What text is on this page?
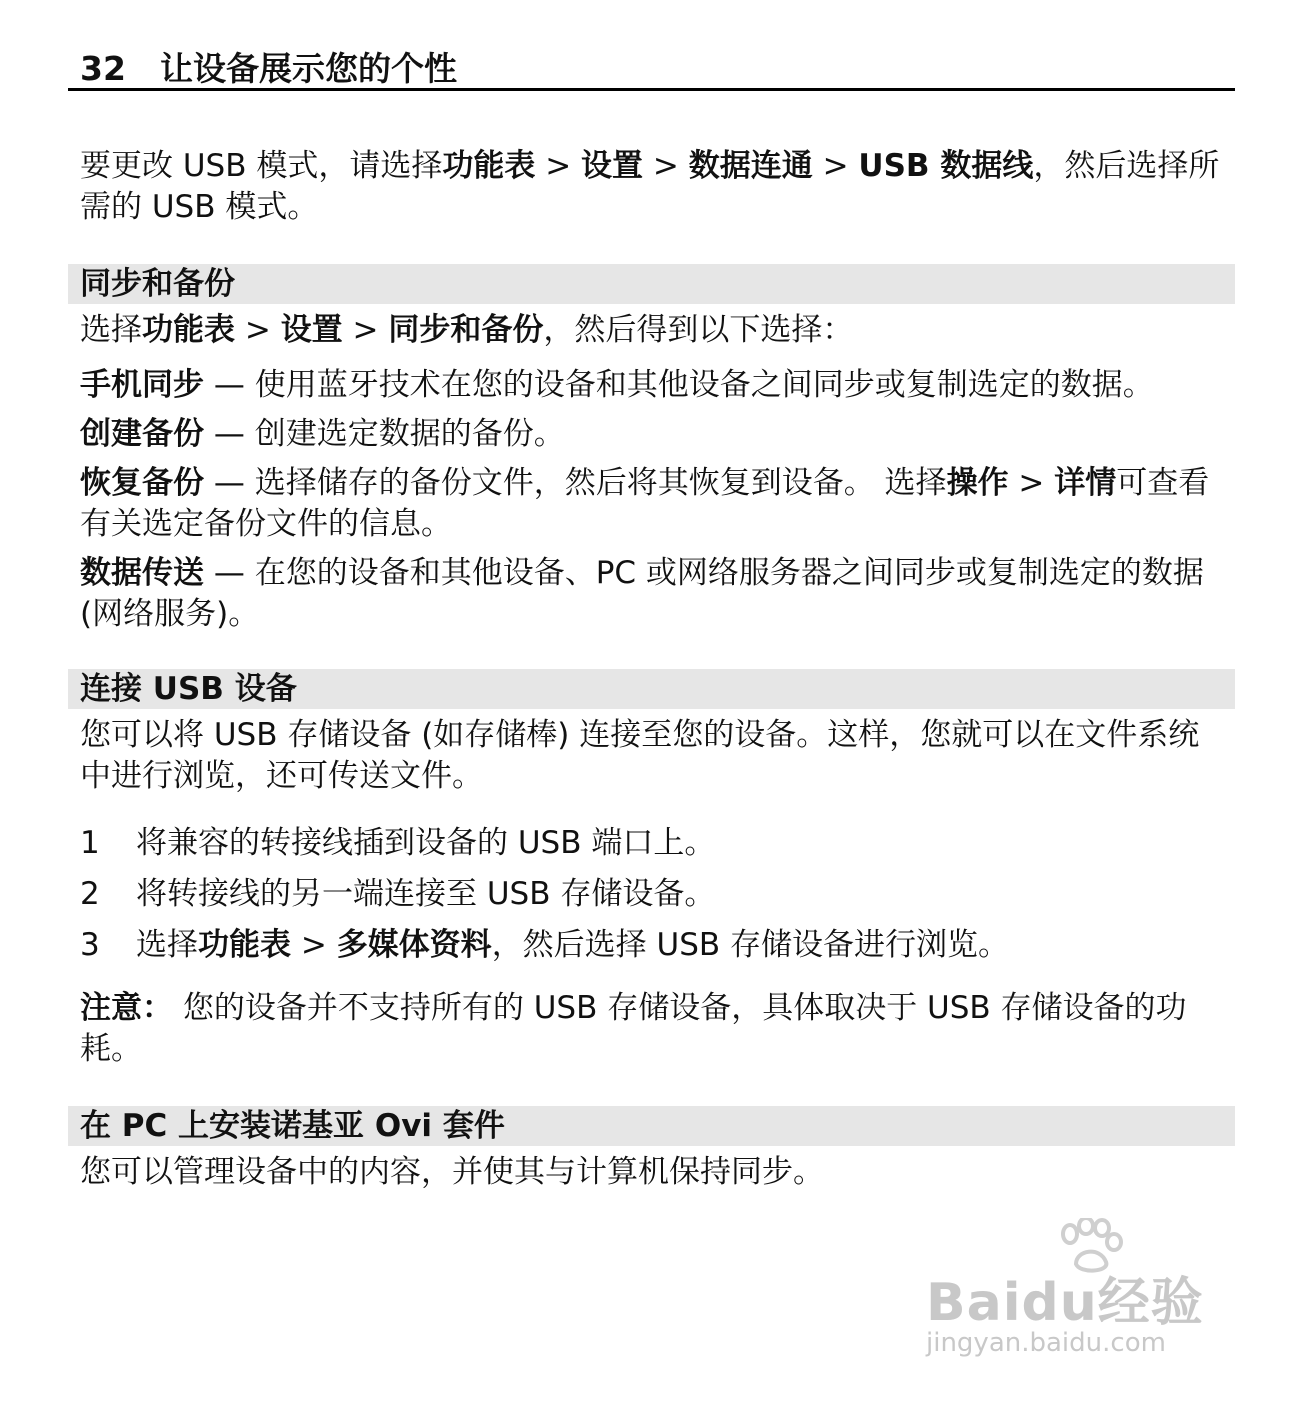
32 让设备展示您的个性

要更改 USB 模式，请选择功能表 > 设置 > 数据连通 > USB 数据线，然后选择所需的 USB 模式。

同步和备份

选择功能表 > 设置 > 同步和备份，然后得到以下选择：

手机同步 — 使用蓝牙技术在您的设备和其他设备之间同步或复制选定的数据。

创建备份 — 创建选定数据的备份。

恢复备份 — 选择储存的备份文件，然后将其恢复到设备。 选择操作 > 详情可查看有关选定备份文件的信息。

数据传送 — 在您的设备和其他设备、PC 或网络服务器之间同步或复制选定的数据 (网络服务)。

连接 USB 设备

您可以将 USB 存储设备 (如存储棒) 连接至您的设备。这样，您就可以在文件系统中进行浏览，还可传送文件。

1 将兼容的转接线插到设备的 USB 端口上。

2 将转接线的另一端连接至 USB 存储设备。

3 选择功能表 > 多媒体资料，然后选择 USB 存储设备进行浏览。

注意： 您的设备并不支持所有的 USB 存储设备，具体取决于 USB 存储设备的功耗。

在 PC 上安装诺基亚 Ovi 套件

您可以管理设备中的内容，并使其与计算机保持同步。

Baidu经验
jingyan.baidu.com
